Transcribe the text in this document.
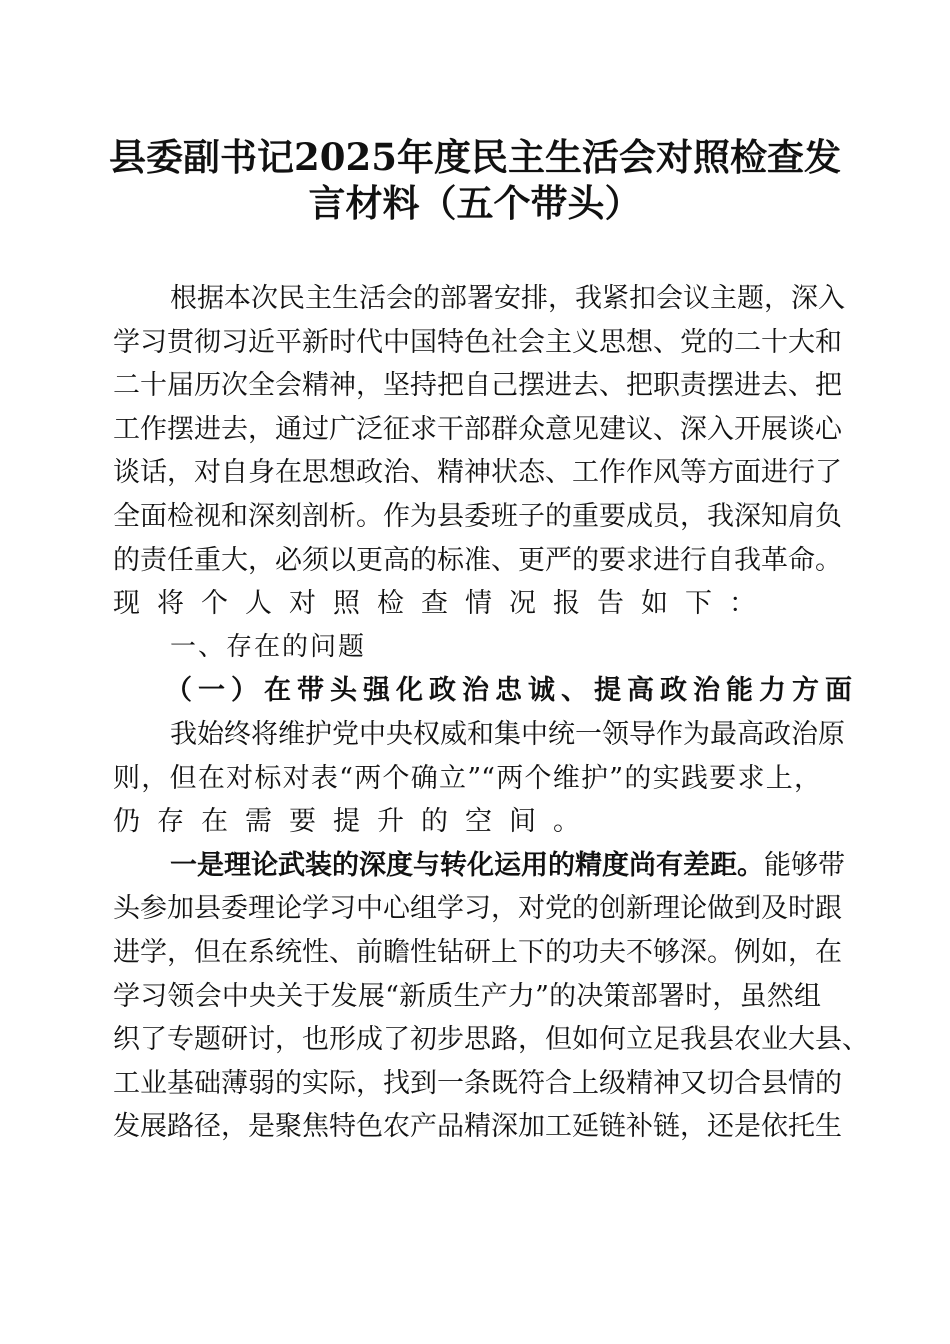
县委副书记2025年度民主生活会对照检查发
言材料（五个带头）
根据本次民主生活会的部署安排，我紧扣会议主题，深入
学习贯彻习近平新时代中国特色社会主义思想、党的二十大和
二十届历次全会精神，坚持把自己摆进去、把职责摆进去、把
工作摆进去，通过广泛征求干部群众意见建议、深入开展谈心
谈话，对自身在思想政治、精神状态、工作作风等方面进行了
全面检视和深刻剖析。作为县委班子的重要成员，我深知肩负
的责任重大，必须以更高的标准、更严的要求进行自我革命。
现将个人对照检查情况报告如下：
一、存在的问题
（一）在带头强化政治忠诚、提高政治能力方面
我始终将维护党中央权威和集中统一领导作为最高政治原
则，但在对标对表“两个确立”“两个维护”的实践要求上，
仍存在需要提升的空间。
一是理论武装的深度与转化运用的精度尚有差距。能够带
头参加县委理论学习中心组学习，对党的创新理论做到及时跟
进学，但在系统性、前瞻性钻研上下的功夫不够深。例如，在
学习领会中央关于发展“新质生产力”的决策部署时，虽然组
织了专题研讨，也形成了初步思路，但如何立足我县农业大县、
工业基础薄弱的实际，找到一条既符合上级精神又切合县情的
发展路径，是聚焦特色农产品精深加工延链补链，还是依托生
